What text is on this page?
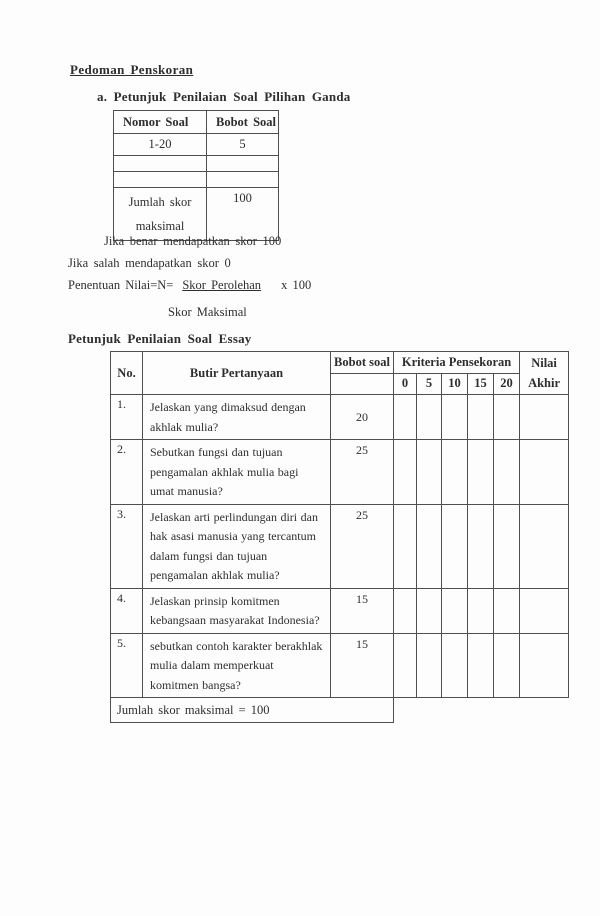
Pedoman Penskoran
a. Petunjuk Penilaian Soal Pilihan Ganda
Nomor Soal	Bobot Soal
1-20	5

Jumlah skor maksimal	100
Jika benar mendapatkan skor 100
Jika salah mendapatkan skor 0
Penentuan Nilai=N= Skor Perolehan x 100
Skor Maksimal
Petunjuk Penilaian Soal Essay
No.	Butir Pertanyaan	Bobot soal	Kriteria Pensekoran					Nilai Akhir
			0	5	10	15	20	
1.	Jelaskan yang dimaksud dengan akhlak mulia?	20						
2.	Sebutkan fungsi dan tujuan pengamalan akhlak mulia bagi umat manusia?	25						
3.	Jelaskan arti perlindungan diri dan hak asasi manusia yang tercantum dalam fungsi dan tujuan pengamalan akhlak mulia?	25						
4.	Jelaskan prinsip komitmen kebangsaan masyarakat Indonesia?	15						
5.	sebutkan contoh karakter berakhlak mulia dalam memperkuat komitmen bangsa?	15						
Jumlah skor maksimal = 100								
